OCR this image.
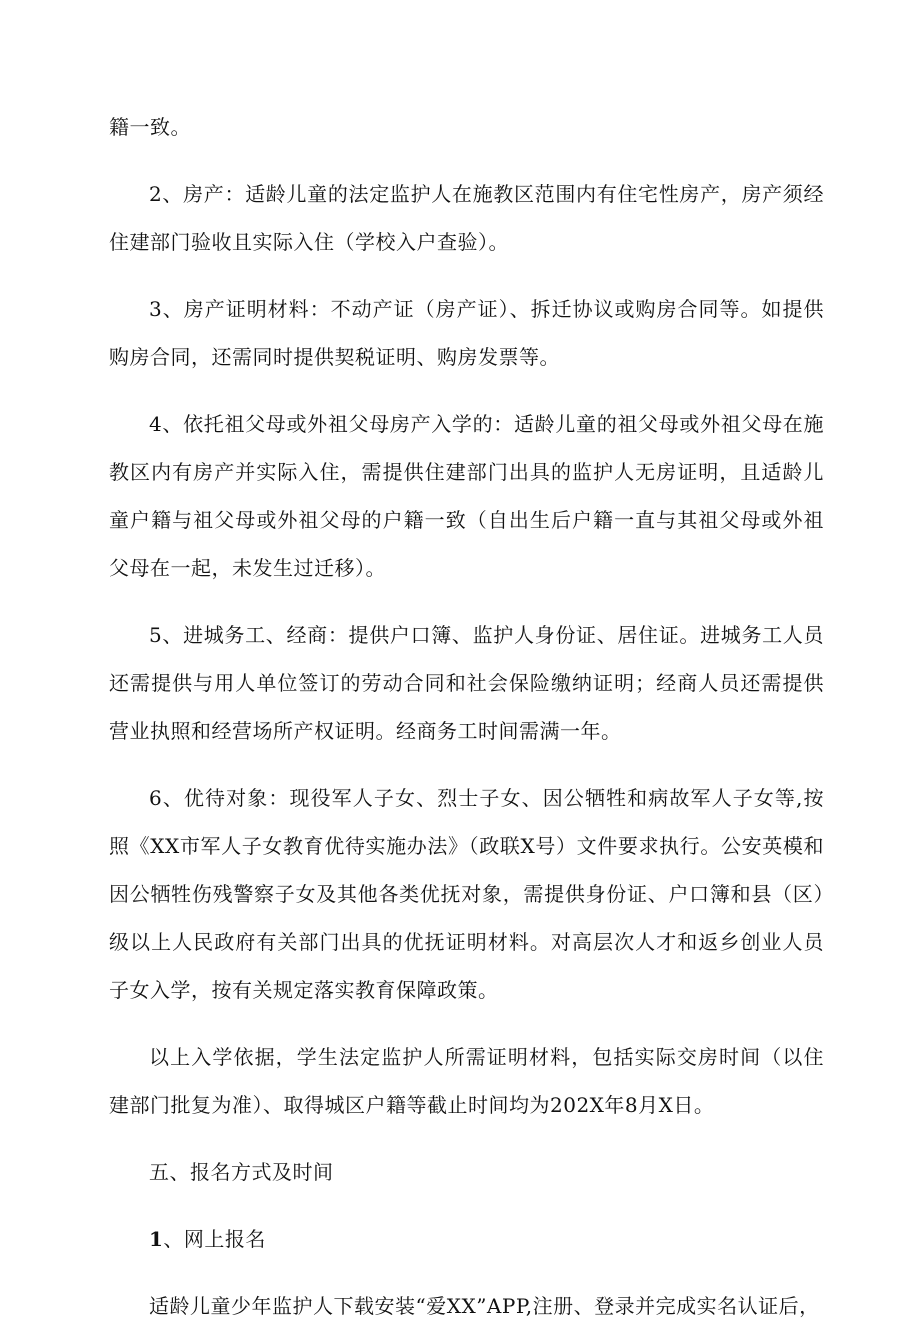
籍一致。

2、房产：适龄儿童的法定监护人在施教区范围内有住宅性房产，房产须经住建部门验收且实际入住（学校入户查验）。

3、房产证明材料：不动产证（房产证）、拆迁协议或购房合同等。如提供购房合同，还需同时提供契税证明、购房发票等。

4、依托祖父母或外祖父母房产入学的：适龄儿童的祖父母或外祖父母在施教区内有房产并实际入住，需提供住建部门出具的监护人无房证明，且适龄儿童户籍与祖父母或外祖父母的户籍一致（自出生后户籍一直与其祖父母或外祖父母在一起，未发生过迁移）。

5、进城务工、经商：提供户口簿、监护人身份证、居住证。进城务工人员还需提供与用人单位签订的劳动合同和社会保险缴纳证明；经商人员还需提供营业执照和经营场所产权证明。经商务工时间需满一年。

6、优待对象：现役军人子女、烈士子女、因公牺牲和病故军人子女等,按照《XX市军人子女教育优待实施办法》（政联X号）文件要求执行。公安英模和因公牺牲伤残警察子女及其他各类优抚对象，需提供身份证、户口簿和县（区）级以上人民政府有关部门出具的优抚证明材料。对高层次人才和返乡创业人员子女入学，按有关规定落实教育保障政策。

以上入学依据，学生法定监护人所需证明材料，包括实际交房时间（以住建部门批复为准）、取得城区户籍等截止时间均为202X年8月X日。

五、报名方式及时间

1、网上报名

适龄儿童少年监护人下载安装“爱XX”APP,注册、登录并完成实名认证后，
